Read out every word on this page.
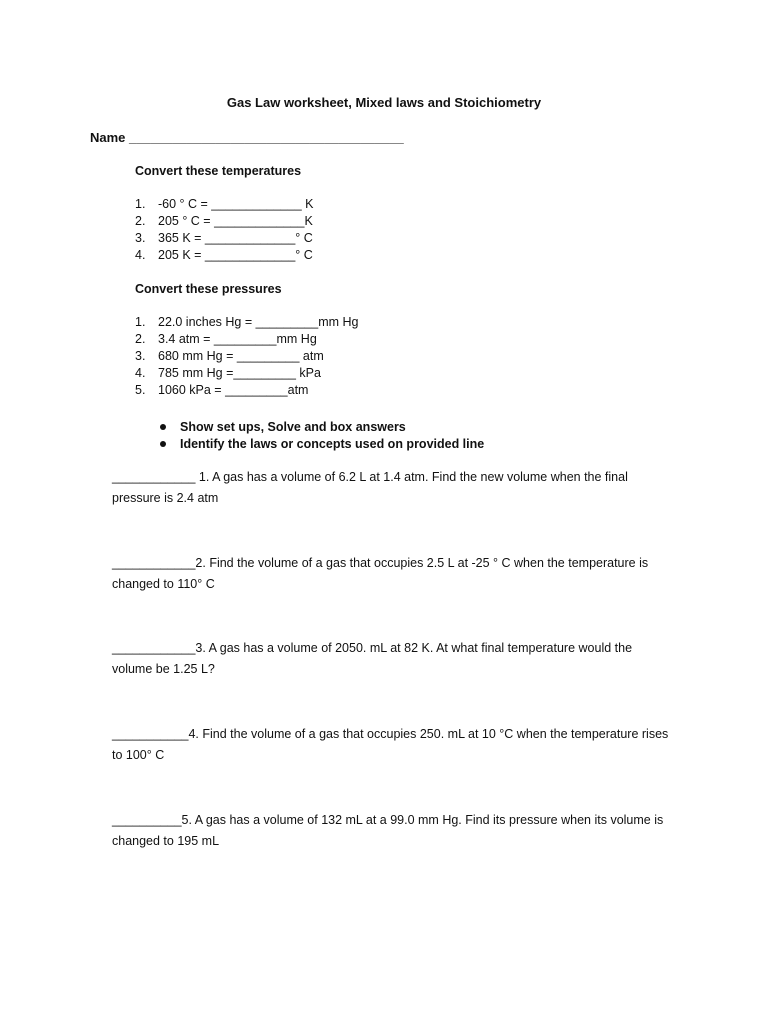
Gas Law worksheet, Mixed laws and Stoichiometry
Name ______________________________________
Convert these temperatures
1. -60 ° C = _____________ K
2. 205 ° C = _____________K
3. 365 K = _____________° C
4. 205 K = _____________° C
Convert these pressures
1. 22.0 inches Hg = _________mm Hg
2. 3.4 atm = _________mm Hg
3. 680 mm Hg = _________ atm
4. 785 mm Hg =_________ kPa
5. 1060 kPa = _________atm
Show set ups, Solve and box answers
Identify the laws or concepts used on provided line
____________ 1. A gas has a volume of 6.2 L at 1.4 atm. Find the new volume when the final
pressure is 2.4 atm
____________2. Find the volume of a gas that occupies 2.5 L at -25 ° C when the temperature is
changed to 110° C
____________3. A gas has a volume of 2050. mL at 82 K. At what final temperature would the
volume be 1.25 L?
___________4. Find the volume of a gas that occupies 250. mL at 10 °C when the temperature rises
to 100° C
__________5. A gas has a volume of 132 mL at a 99.0 mm Hg. Find its pressure when its volume is
changed to 195 mL
